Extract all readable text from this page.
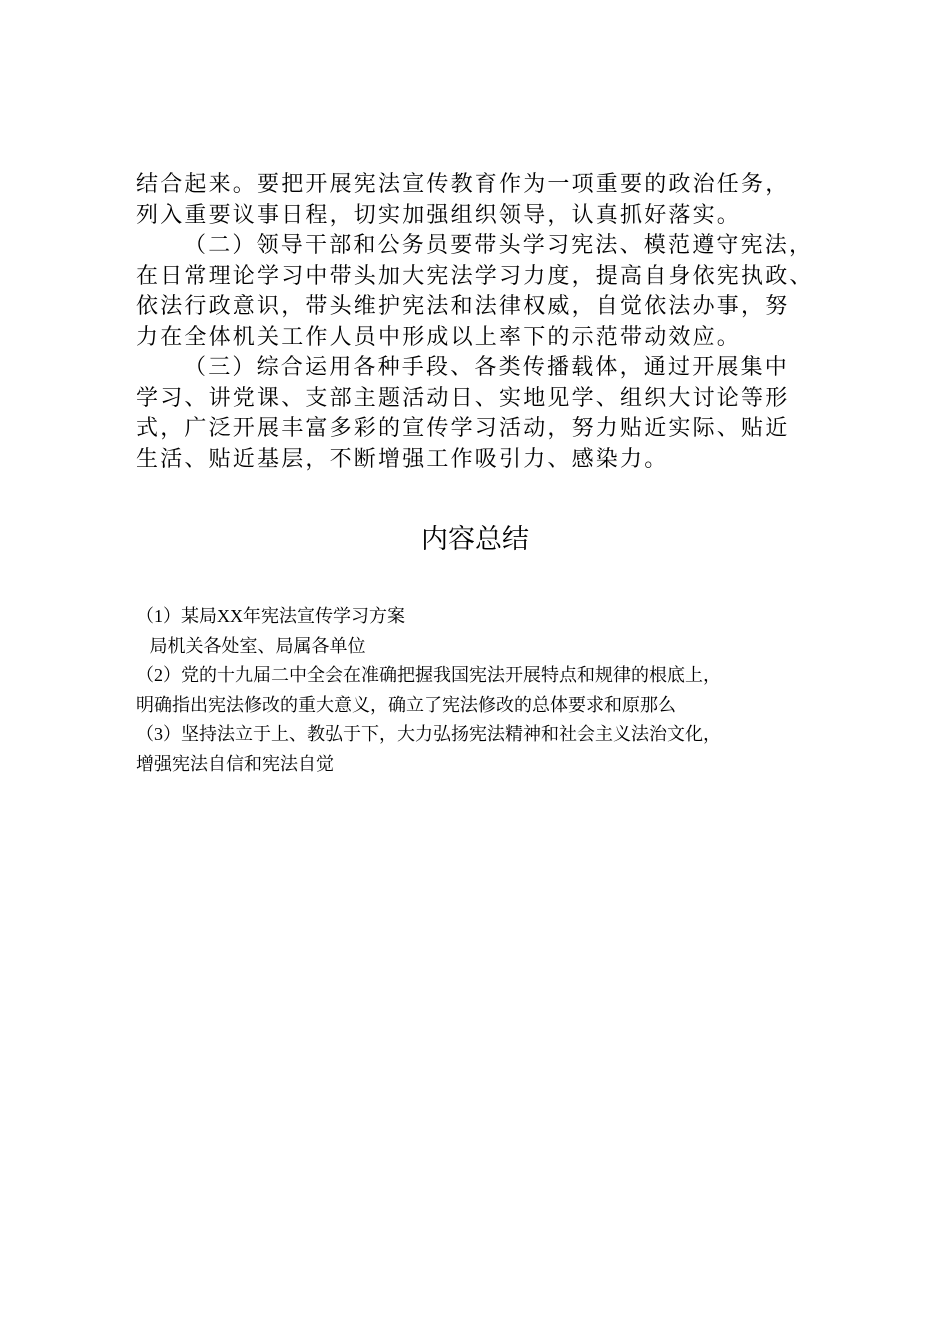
结合起来。要把开展宪法宣传教育作为一项重要的政治任务，
列入重要议事日程，切实加强组织领导，认真抓好落实。
（二）领导干部和公务员要带头学习宪法、模范遵守宪法，
在日常理论学习中带头加大宪法学习力度，提高自身依宪执政、
依法行政意识，带头维护宪法和法律权威，自觉依法办事，努
力在全体机关工作人员中形成以上率下的示范带动效应。
（三）综合运用各种手段、各类传播载体，通过开展集中
学习、讲党课、支部主题活动日、实地见学、组织大讨论等形
式，广泛开展丰富多彩的宣传学习活动，努力贴近实际、贴近
生活、贴近基层，不断增强工作吸引力、感染力。
内容总结
（1）某局XX年宪法宣传学习方案
局机关各处室、局属各单位
（2）党的十九届二中全会在准确把握我国宪法开展特点和规律的根底上，
明确指出宪法修改的重大意义，确立了宪法修改的总体要求和原那么
（3）坚持法立于上、教弘于下，大力弘扬宪法精神和社会主义法治文化，
增强宪法自信和宪法自觉
